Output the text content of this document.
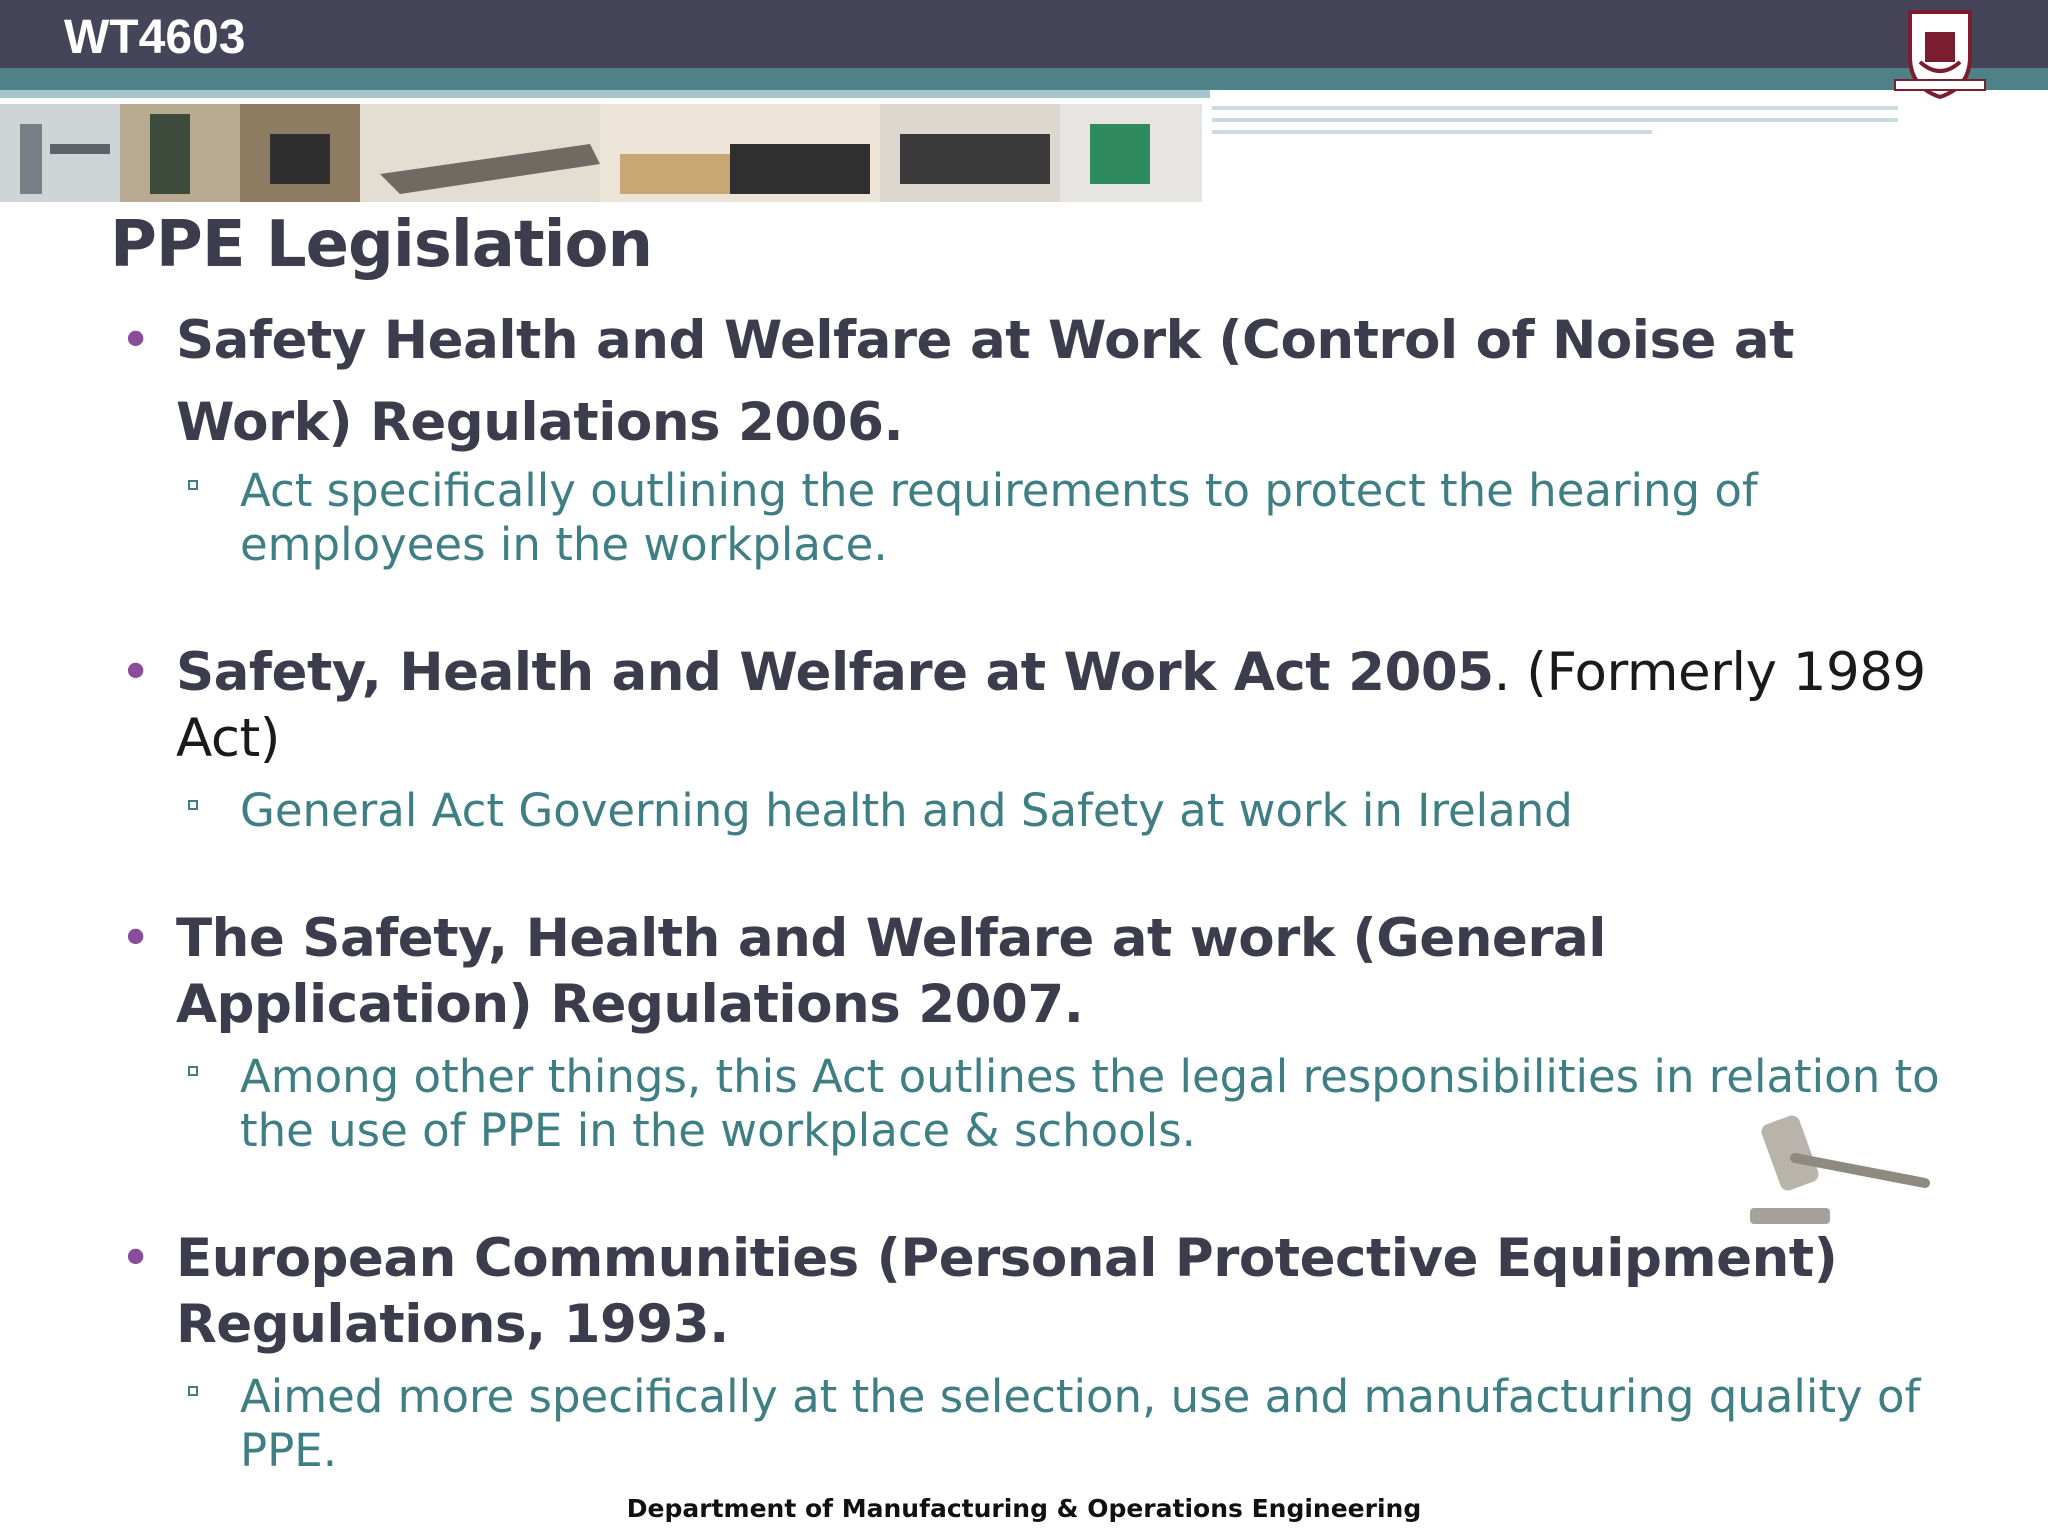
WT4603
PPE Legislation

• Safety Health and Welfare at Work (Control of Noise at Work) Regulations 2006.

Act specifically outlining the requirements to protect the hearing of employees in the workplace.

• Safety, Health and Welfare at Work Act 2005. (Formerly 1989 Act)

General Act Governing health and Safety at work in Ireland

• The Safety, Health and Welfare at work (General Application) Regulations 2007.

Among other things, this Act outlines the legal responsibilities in relation to the use of PPE in the workplace & schools.

• European Communities (Personal Protective Equipment) Regulations, 1993.

Aimed more specifically at the selection, use and manufacturing quality of PPE.

Department of Manufacturing & Operations Engineering
